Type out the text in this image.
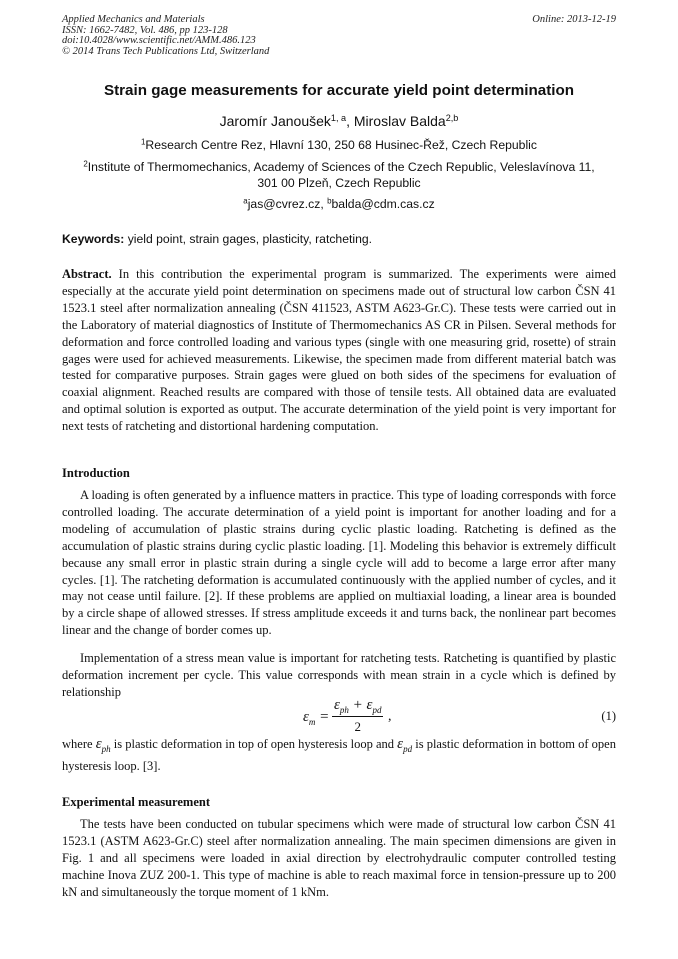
Applied Mechanics and Materials
ISSN: 1662-7482, Vol. 486, pp 123-128
doi:10.4028/www.scientific.net/AMM.486.123
© 2014 Trans Tech Publications Ltd, Switzerland
Online: 2013-12-19
Strain gage measurements for accurate yield point determination
Jaromír Janoušek$^{1, a}$, Miroslav Balda$^{2,b}$
$^1$Research Centre Rez, Hlavní 130, 250 68 Husinec-Řež, Czech Republic
$^2$Institute of Thermomechanics, Academy of Sciences of the Czech Republic, Veleslavínova 11,
301 00 Plzeň, Czech Republic
$^a$jas@cvrez.cz, $^b$balda@cdm.cas.cz
Keywords: yield point, strain gages, plasticity, ratcheting.
Abstract. In this contribution the experimental program is summarized. The experiments were aimed especially at the accurate yield point determination on specimens made out of structural low carbon ČSN 41 1523.1 steel after normalization annealing (ČSN 411523, ASTM A623-Gr.C). These tests were carried out in the Laboratory of material diagnostics of Institute of Thermomechanics AS CR in Pilsen. Several methods for deformation and force controlled loading and various types (single with one measuring grid, rosette) of strain gages were used for achieved measurements. Likewise, the specimen made from different material batch was tested for comparative purposes. Strain gages were glued on both sides of the specimens for evaluation of coaxial alignment. Reached results are compared with those of tensile tests. All obtained data are evaluated and optimal solution is exported as output. The accurate determination of the yield point is very important for next tests of ratcheting and distortional hardening computation.
Introduction
A loading is often generated by a influence matters in practice. This type of loading corresponds with force controlled loading. The accurate determination of a yield point is important for another loading and for a modeling of accumulation of plastic strains during cyclic plastic loading. Ratcheting is defined as the accumulation of plastic strains during cyclic plastic loading. [1]. Modeling this behavior is extremely difficult because any small error in plastic strain during a single cycle will add to become a large error after many cycles. [1]. The ratcheting deformation is accumulated continuously with the applied number of cycles, and it may not cease until failure. [2]. If these problems are applied on multiaxial loading, a linear area is bounded by a circle shape of allowed stresses. If stress amplitude exceeds it and turns back, the nonlinear part becomes linear and the change of border comes up.
Implementation of a stress mean value is important for ratcheting tests. Ratcheting is quantified by plastic deformation increment per cycle. This value corresponds with mean strain in a cycle which is defined by relationship
$\varepsilon_m$ =
$\varepsilon_{ph} + \varepsilon_{pd}$
2
,	(1)
where $\varepsilon_{ph}$ is plastic deformation in top of open hysteresis loop and $\varepsilon_{pd}$ is plastic deformation in bottom of open hysteresis loop. [3].
Experimental measurement
The tests have been conducted on tubular specimens which were made of structural low carbon ČSN 41 1523.1 (ASTM A623-Gr.C) steel after normalization annealing. The main specimen dimensions are given in Fig. 1 and all specimens were loaded in axial direction by electrohydraulic computer controlled testing machine Inova ZUZ 200-1. This type of machine is able to reach maximal force in tension-pressure up to 200 kN and simultaneously the torque moment of 1 kNm.
